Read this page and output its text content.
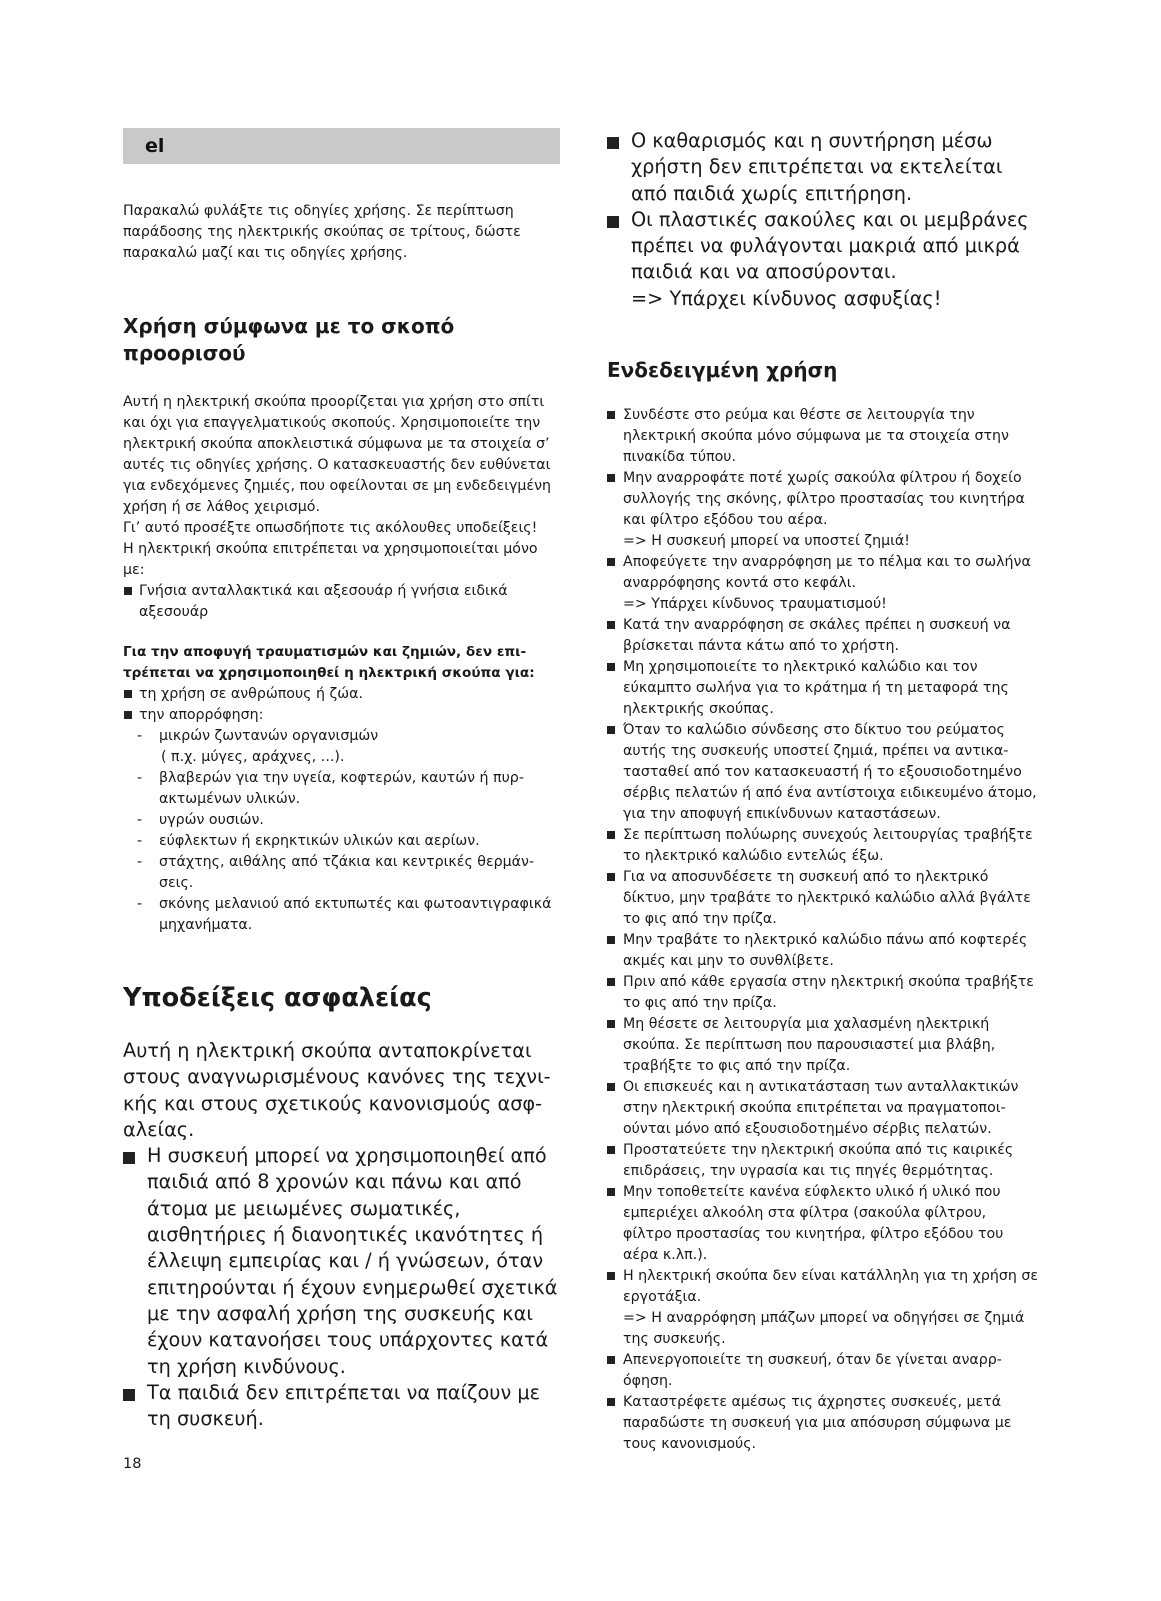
el

Παρακαλώ φυλάξτε τις οδηγίες χρήσης. Σε περίπτωση παράδοσης της ηλεκτρικής σκούπας σε τρίτους, δώστε παρακαλώ μαζί και τις οδηγίες χρήσης.

Χρήση σύμφωνα με το σκοπό προορισού

Αυτή η ηλεκτρική σκούπα προορίζεται για χρήση στο σπίτι και όχι για επαγγελματικούς σκοπούς. Χρησιμοποιείτε την ηλεκτρική σκούπα αποκλειστικά σύμφωνα με τα στοιχεία σ’ αυτές τις οδηγίες χρήσης. Ο κατασκευαστής δεν ευθύνεται για ενδεχόμενες ζημιές, που οφείλονται σε μη ενδεδειγμένη χρήση ή σε λάθος χειρισμό.

Γι’ αυτό προσέξτε οπωσδήποτε τις ακόλουθες υποδείξεις!

Η ηλεκτρική σκούπα επιτρέπεται να χρησιμοποιείται μόνο με:

Γνήσια ανταλλακτικά και αξεσουάρ ή γνήσια ειδικά αξεσουάρ

Για την αποφυγή τραυματισμών και ζημιών, δεν επιτρέπεται να χρησιμοποιηθεί η ηλεκτρική σκούπα για:

τη χρήση σε ανθρώπους ή ζώα.
την απορρόφηση:
- μικρών ζωντανών οργανισμών
( π.χ. μύγες, αράχνες, ...).
- βλαβερών για την υγεία, κοφτερών, καυτών ή πυρακτωμένων υλικών.
- υγρών ουσιών.
- εύφλεκτων ή εκρηκτικών υλικών και αερίων.
- στάχτης, αιθάλης από τζάκια και κεντρικές θερμάνσεις.
- σκόνης μελανιού από εκτυπωτές και φωτοαντιγραφικά μηχανήματα.
Υποδείξεις ασφαλείας

Αυτή η ηλεκτρική σκούπα ανταποκρίνεται στους αναγνωρισμένους κανόνες της τεχνικής και στους σχετικούς κανονισμούς ασφαλείας.

Η συσκευή μπορεί να χρησιμοποιηθεί από παιδιά από 8 χρονών και πάνω και από άτομα με μειωμένες σωματικές, αισθητήριες ή διανοητικές ικανότητες ή έλλειψη εμπειρίας και / ή γνώσεων, όταν επιτηρούνται ή έχουν ενημερωθεί σχετικά με την ασφαλή χρήση της συσκευής και έχουν κατανοήσει τους υπάρχοντες κατά τη χρήση κινδύνους.
Τα παιδιά δεν επιτρέπεται να παίζουν με τη συσκευή.
Ο καθαρισμός και η συντήρηση μέσω χρήστη δεν επιτρέπεται να εκτελείται από παιδιά χωρίς επιτήρηση.
Οι πλαστικές σακούλες και οι μεμβράνες πρέπει να φυλάγονται μακριά από μικρά παιδιά και να αποσύρονται.
=> Υπάρχει κίνδυνος ασφυξίας!
Ενδεδειγμένη χρήση
Συνδέστε στο ρεύμα και θέστε σε λειτουργία την ηλεκτρική σκούπα μόνο σύμφωνα με τα στοιχεία στην πινακίδα τύπου.
Μην αναρροφάτε ποτέ χωρίς σακούλα φίλτρου ή δοχείο συλλογής της σκόνης, φίλτρο προστασίας του κινητήρα και φίλτρο εξόδου του αέρα.
=> Η συσκευή μπορεί να υποστεί ζημιά!
Αποφεύγετε την αναρρόφηση με το πέλμα και το σωλήνα αναρρόφησης κοντά στο κεφάλι.
=> Υπάρχει κίνδυνος τραυματισμού!
Κατά την αναρρόφηση σε σκάλες πρέπει η συσκευή να βρίσκεται πάντα κάτω από το χρήστη.
Μη χρησιμοποιείτε το ηλεκτρικό καλώδιο και τον εύκαμπτο σωλήνα για το κράτημα ή τη μεταφορά της ηλεκτρικής σκούπας.
Όταν το καλώδιο σύνδεσης στο δίκτυο του ρεύματος αυτής της συσκευής υποστεί ζημιά, πρέπει να αντικατασταθεί από τον κατασκευαστή ή το εξουσιοδοτημένο σέρβις πελατών ή από ένα αντίστοιχα ειδικευμένο άτομο, για την αποφυγή επικίνδυνων καταστάσεων.
Σε περίπτωση πολύωρης συνεχούς λειτουργίας τραβήξτε το ηλεκτρικό καλώδιο εντελώς έξω.
Για να αποσυνδέσετε τη συσκευή από το ηλεκτρικό δίκτυο, μην τραβάτε το ηλεκτρικό καλώδιο αλλά βγάλτε το φις από την πρίζα.
Μην τραβάτε το ηλεκτρικό καλώδιο πάνω από κοφτερές ακμές και μην το συνθλίβετε.
Πριν από κάθε εργασία στην ηλεκτρική σκούπα τραβήξτε το φις από την πρίζα.
Μη θέσετε σε λειτουργία μια χαλασμένη ηλεκτρική σκούπα. Σε περίπτωση που παρουσιαστεί μια βλάβη, τραβήξτε το φις από την πρίζα.
Οι επισκευές και η αντικατάσταση των ανταλλακτικών στην ηλεκτρική σκούπα επιτρέπεται να πραγματοποιούνται μόνο από εξουσιοδοτημένο σέρβις πελατών.
Προστατεύετε την ηλεκτρική σκούπα από τις καιρικές επιδράσεις, την υγρασία και τις πηγές θερμότητας.
Μην τοποθετείτε κανένα εύφλεκτο υλικό ή υλικό που εμπεριέχει αλκοόλη στα φίλτρα (σακούλα φίλτρου, φίλτρο προστασίας του κινητήρα, φίλτρο εξόδου του αέρα κ.λπ.).
Η ηλεκτρική σκούπα δεν είναι κατάλληλη για τη χρήση σε εργοτάξια.
=> Η αναρρόφηση μπάζων μπορεί να οδηγήσει σε ζημιά της συσκευής.
Απενεργοποιείτε τη συσκευή, όταν δε γίνεται αναρρόφηση.
Καταστρέφετε αμέσως τις άχρηστες συσκευές, μετά παραδώστε τη συσκευή για μια απόσυρση σύμφωνα με τους κανονισμούς.
18
